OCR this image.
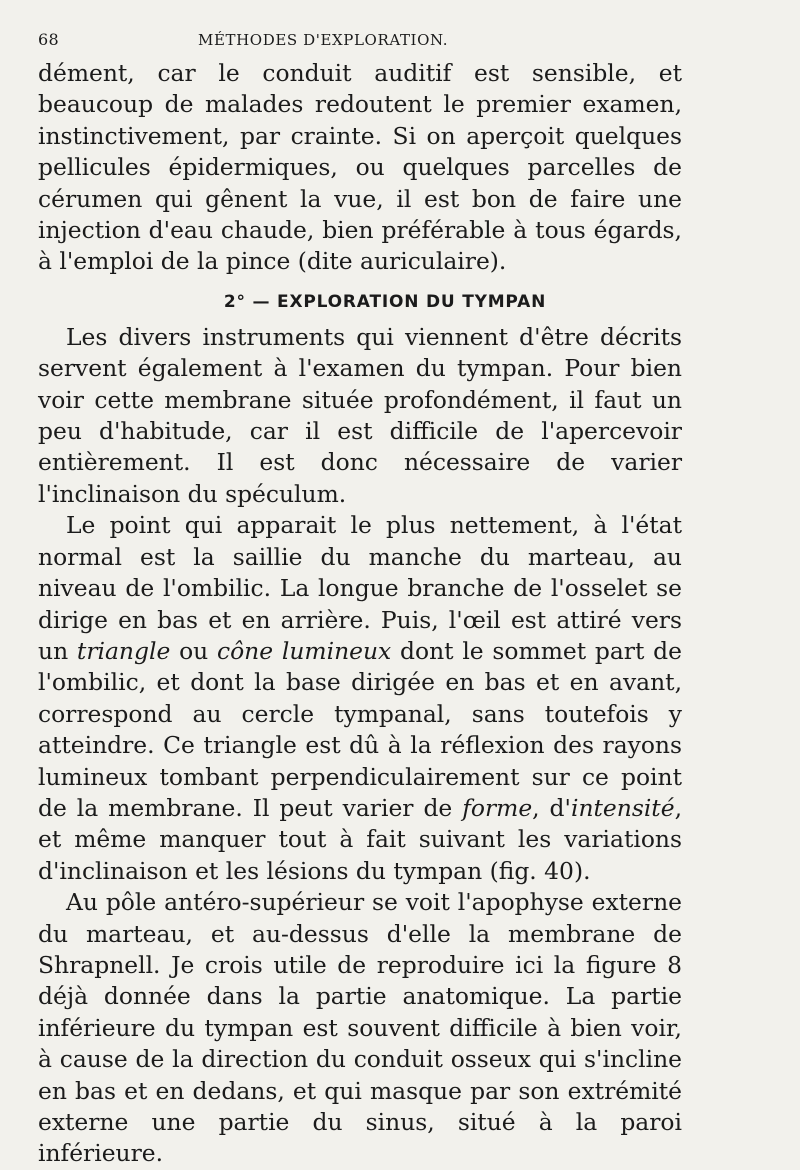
68	MÉTHODES D'EXPLORATION.

dément, car le conduit auditif est sensible, et beaucoup de malades redoutent le premier examen, instinctivement, par crainte. Si on aperçoit quelques pellicules épidermiques, ou quelques parcelles de cérumen qui gênent la vue, il est bon de faire une injection d'eau chaude, bien préférable à tous égards, à l'emploi de la pince (dite auriculaire).

2° — EXPLORATION DU TYMPAN

Les divers instruments qui viennent d'être décrits servent également à l'examen du tympan. Pour bien voir cette membrane située profondément, il faut un peu d'habitude, car il est difficile de l'apercevoir entièrement. Il est donc nécessaire de varier l'inclinaison du spéculum.

Le point qui apparait le plus nettement, à l'état normal est la saillie du manche du marteau, au niveau de l'ombilic. La longue branche de l'osselet se dirige en bas et en arrière. Puis, l'œil est attiré vers un triangle ou cône lumineux dont le sommet part de l'ombilic, et dont la base dirigée en bas et en avant, correspond au cercle tympanal, sans toutefois y atteindre. Ce triangle est dû à la réflexion des rayons lumineux tombant perpendiculairement sur ce point de la membrane. Il peut varier de forme, d'intensité, et même manquer tout à fait suivant les variations d'inclinaison et les lésions du tympan (fig. 40).

Au pôle antéro-supérieur se voit l'apophyse externe du marteau, et au-dessus d'elle la membrane de Shrapnell. Je crois utile de reproduire ici la figure 8 déjà donnée dans la partie anatomique. La partie inférieure du tympan est souvent difficile à bien voir, à cause de la direction du conduit osseux qui s'incline en bas et en dedans, et qui masque par son extrémité externe une partie du sinus, situé à la paroi inférieure.
